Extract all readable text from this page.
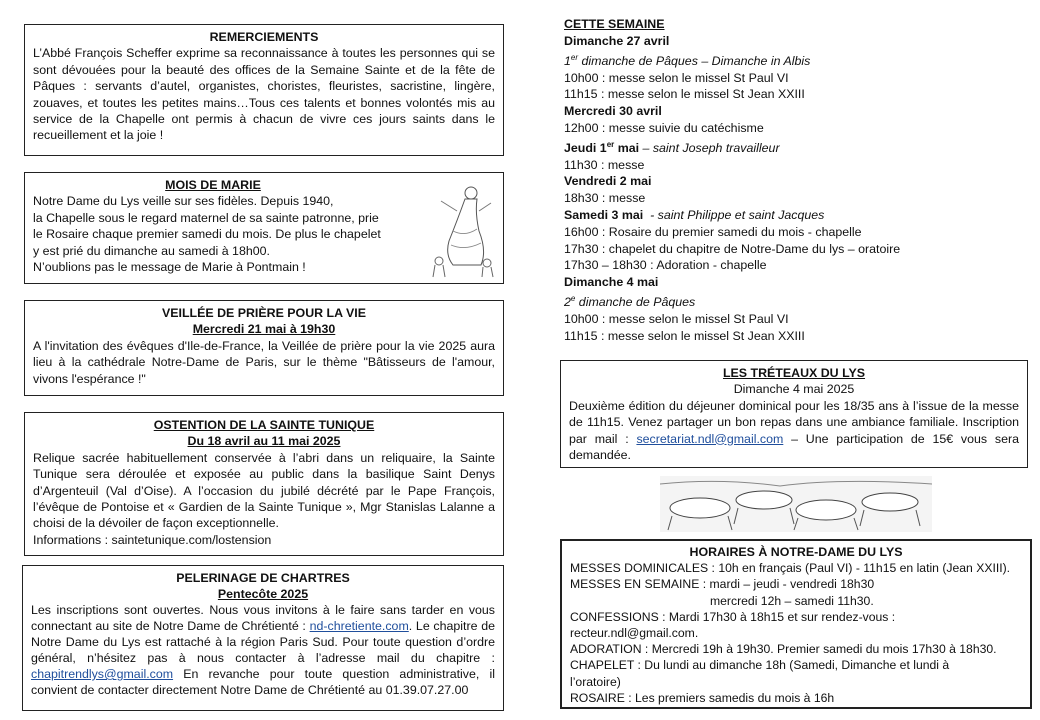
REMERCIEMENTS

L’Abbé François Scheffer exprime sa reconnaissance à toutes les personnes qui se sont dévouées pour la beauté des offices de la Semaine Sainte et de la fête de Pâques : servants d’autel, organistes, choristes, fleuristes, sacristine, lingère, zouaves, et toutes les petites mains…Tous ces talents et bonnes volontés mis au service de la Chapelle ont permis à chacun de vivre ces jours saints dans le recueillement et la joie !

MOIS DE MARIE
Notre Dame du Lys veille sur ses fidèles. Depuis 1940,
la Chapelle sous le regard maternel de sa sainte patronne, prie
le Rosaire chaque premier samedi du mois. De plus le chapelet
y est prié du dimanche au samedi à 18h00.
N’oublions pas le message de Marie à Pontmain !
VEILLÉE DE PRIÈRE POUR LA VIE
Mercredi 21 mai à 19h30

A l'invitation des évêques d'Ile-de-France, la Veillée de prière pour la vie 2025 aura lieu à la cathédrale Notre-Dame de Paris, sur le thème "Bâtisseurs de l'amour, vivons l'espérance !"

OSTENTION DE LA SAINTE TUNIQUE
Du 18 avril au 11 mai 2025

Relique sacrée habituellement conservée à l’abri dans un reliquaire, la Sainte Tunique sera déroulée et exposée au public dans la basilique Saint Denys d’Argenteuil (Val d’Oise). A l’occasion du jubilé décrété par le Pape François, l’évêque de Pontoise et « Gardien de la Sainte Tunique », Mgr Stanislas Lalanne a choisi de la dévoiler de façon exceptionnelle.

Informations : saintetunique.com/lostension
PELERINAGE DE CHARTRES
Pentecôte 2025

Les inscriptions sont ouvertes. Nous vous invitons à le faire sans tarder en vous connectant au site de Notre Dame de Chrétienté : nd-chretiente.com. Le chapitre de Notre Dame du Lys est rattaché à la région Paris Sud. Pour toute question d’ordre général, n’hésitez pas à nous contacter à l’adresse mail du chapitre : chapitrendlys@gmail.com En revanche pour toute question administrative, il convient de contacter directement Notre Dame de Chrétienté au 01.39.07.27.00

CETTE SEMAINE
Dimanche 27 avril
1er dimanche de Pâques – Dimanche in Albis
10h00 : messe selon le missel St Paul VI
11h15 : messe selon le missel St Jean XXIII
Mercredi 30 avril
12h00 : messe suivie du catéchisme
Jeudi 1er mai – saint Joseph travailleur
11h30 : messe
Vendredi 2 mai
18h30 : messe
Samedi 3 mai  - saint Philippe et saint Jacques
16h00 : Rosaire du premier samedi du mois - chapelle
17h30 : chapelet du chapitre de Notre-Dame du lys – oratoire
17h30 – 18h30 : Adoration - chapelle
Dimanche 4 mai
2e dimanche de Pâques
10h00 : messe selon le missel St Paul VI
11h15 : messe selon le missel St Jean XXIII
LES TRÉTEAUX DU LYS
Dimanche 4 mai 2025

Deuxième édition du déjeuner dominical pour les 18/35 ans à l’issue de la messe de 11h15. Venez partager un bon repas dans une ambiance familiale. Inscription par mail : secretariat.ndl@gmail.com – Une participation de 15€ vous sera demandée.

HORAIRES À NOTRE-DAME DU LYS
MESSES DOMINICALES : 10h en français (Paul VI) - 11h15 en latin (Jean XXIII).
MESSES EN SEMAINE : mardi – jeudi - vendredi 18h30
mercredi 12h – samedi 11h30.
CONFESSIONS : Mardi 17h30 à 18h15 et sur rendez-vous :
recteur.ndl@gmail.com.
ADORATION : Mercredi 19h à 19h30. Premier samedi du mois 17h30 à 18h30.
CHAPELET : Du lundi au dimanche 18h (Samedi, Dimanche et lundi à
l’oratoire)
ROSAIRE : Les premiers samedis du mois à 16h
